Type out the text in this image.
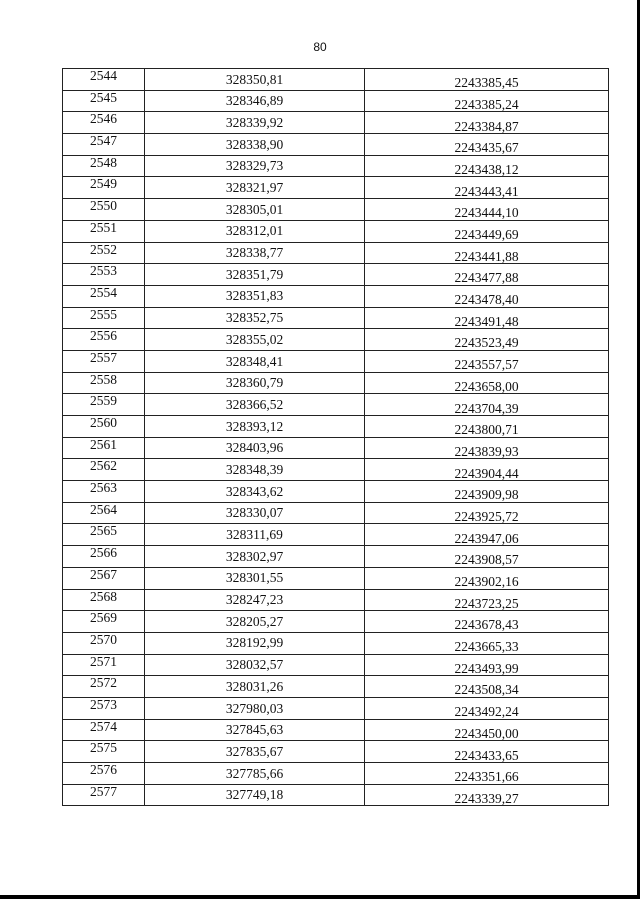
80
2544	328350,81	2243385,45
2545	328346,89	2243385,24
2546	328339,92	2243384,87
2547	328338,90	2243435,67
2548	328329,73	2243438,12
2549	328321,97	2243443,41
2550	328305,01	2243444,10
2551	328312,01	2243449,69
2552	328338,77	2243441,88
2553	328351,79	2243477,88
2554	328351,83	2243478,40
2555	328352,75	2243491,48
2556	328355,02	2243523,49
2557	328348,41	2243557,57
2558	328360,79	2243658,00
2559	328366,52	2243704,39
2560	328393,12	2243800,71
2561	328403,96	2243839,93
2562	328348,39	2243904,44
2563	328343,62	2243909,98
2564	328330,07	2243925,72
2565	328311,69	2243947,06
2566	328302,97	2243908,57
2567	328301,55	2243902,16
2568	328247,23	2243723,25
2569	328205,27	2243678,43
2570	328192,99	2243665,33
2571	328032,57	2243493,99
2572	328031,26	2243508,34
2573	327980,03	2243492,24
2574	327845,63	2243450,00
2575	327835,67	2243433,65
2576	327785,66	2243351,66
2577	327749,18	2243339,27
